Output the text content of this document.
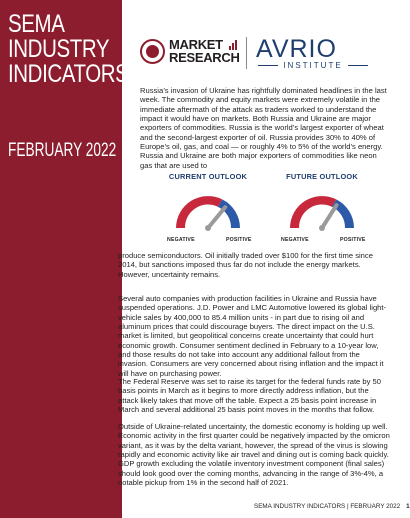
SEMA
INDUSTRY
INDICATORS
FEBRUARY 2022
MARKET
RESEARCH AVRIO
INSTITUTE

Russia’s invasion of Ukraine has rightfully dominated headlines in the last week. The commodity and equity markets were extremely volatile in the immediate aftermath of the attack as traders worked to understand the impact it would have on markets. Both Russia and Ukraine are major exporters of commodities. Russia is the world’s largest exporter of wheat and the second-largest exporter of oil. Russia provides 30% to 40% of Europe’s oil, gas, and coal — or roughly 4% to 5% of the world’s energy. Russia and Ukraine are both major exporters of commodities like neon gas that are used to

CURRENT OUTLOOK
NEGATIVE	POSITIVE
FUTURE OUTLOOK
NEGATIVE	POSITIVE

produce semiconductors. Oil initially traded over $100 for the first time since 2014, but sanctions imposed thus far do not include the energy markets. However, uncertainty remains.

Several auto companies with production facilities in Ukraine and Russia have suspended operations. J.D. Power and LMC Automotive lowered its global light-vehicle sales by 400,000 to 85.4 million units - in part due to rising oil and aluminum prices that could discourage buyers. The direct impact on the U.S. market is limited, but geopolitical concerns create uncertainty that could hurt economic growth. Consumer sentiment declined in February to a 10-year low, and those results do not take into account any additional fallout from the invasion. Consumers are very concerned about rising inflation and the impact it will have on purchasing power.

The Federal Reserve was set to raise its target for the federal funds rate by 50 basis points in March as it begins to more directly address inflation, but the attack likely takes that move off the table. Expect a 25 basis point increase in March and several additional 25 basis point moves in the months that follow.

Outside of Ukraine-related uncertainty, the domestic economy is holding up well. Economic activity in the first quarter could be negatively impacted by the omicron variant, as it was by the delta variant, however, the spread of the virus is slowing rapidly and economic activity like air travel and dining out is coming back quickly. GDP growth excluding the volatile inventory investment component (final sales) should look good over the coming months, advancing in the range of 3%-4%, a notable pickup from 1% in the second half of 2021.

SEMA INDUSTRY INDICATORS | FEBRUARY 2022 1
